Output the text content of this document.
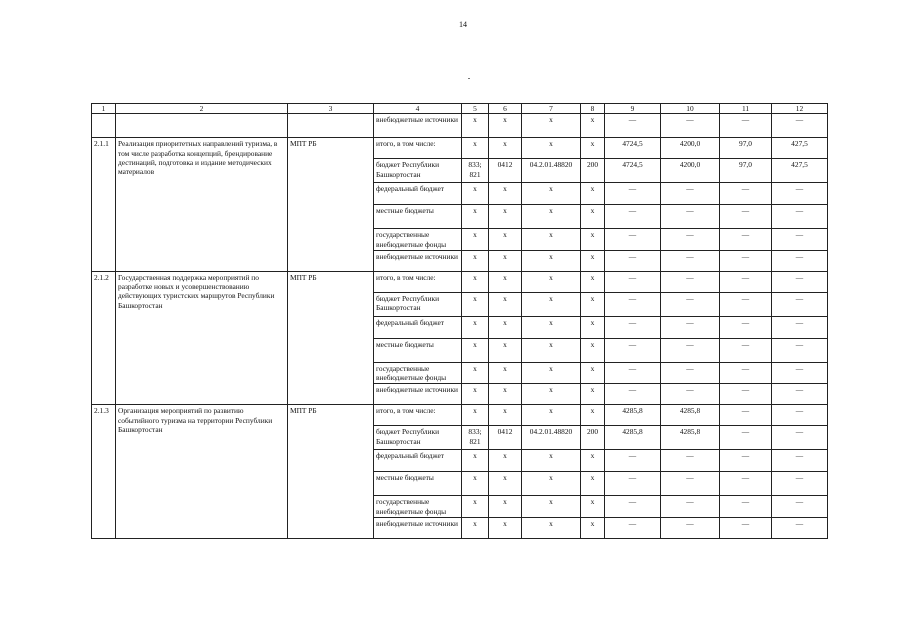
14
1	2	3	4	5	6	7	8	9	10	11	12
			внебюджетные источники	x	x	x	x	—	—	—	—
2.1.1	Реализация приоритетных направлений туризма, в том числе разработка концепций, брендирование дестинаций, подготовка и издание методических материалов	МПТ РБ	итого, в том числе:	x	x	x	x	4724,5	4200,0	97,0	427,5
			бюджет Республики Башкортостан	833; 821	0412	04.2.01.48820	200	4724,5	4200,0	97,0	427,5
			федеральный бюджет	x	x	x	x	—	—	—	—
			местные бюджеты	x	x	x	x	—	—	—	—
			государственные внебюджетные фонды	x	x	x	x	—	—	—	—
			внебюджетные источники	x	x	x	x	—	—	—	—
2.1.2	Государственная поддержка мероприятий по разработке новых и усовершенствованию действующих туристских маршрутов Республики Башкортостан	МПТ РБ	итого, в том числе:	x	x	x	x	—	—	—	—
			бюджет Республики Башкортостан	x	x	x	x	—	—	—	—
			федеральный бюджет	x	x	x	x	—	—	—	—
			местные бюджеты	x	x	x	x	—	—	—	—
			государственные внебюджетные фонды	x	x	x	x	—	—	—	—
			внебюджетные источники	x	x	x	x	—	—	—	—
2.1.3	Организация мероприятий по развитию событийного туризма на территории Республики Башкортостан	МПТ РБ	итого, в том числе:	x	x	x	x	4285,8	4285,8	—	—
			бюджет Республики Башкортостан	833; 821	0412	04.2.01.48820	200	4285,8	4285,8	—	—
			федеральный бюджет	x	x	x	x	—	—	—	—
			местные бюджеты	x	x	x	x	—	—	—	—
			государственные внебюджетные фонды	x	x	x	x	—	—	—	—
			внебюджетные источники	x	x	x	x	—	—	—	—
